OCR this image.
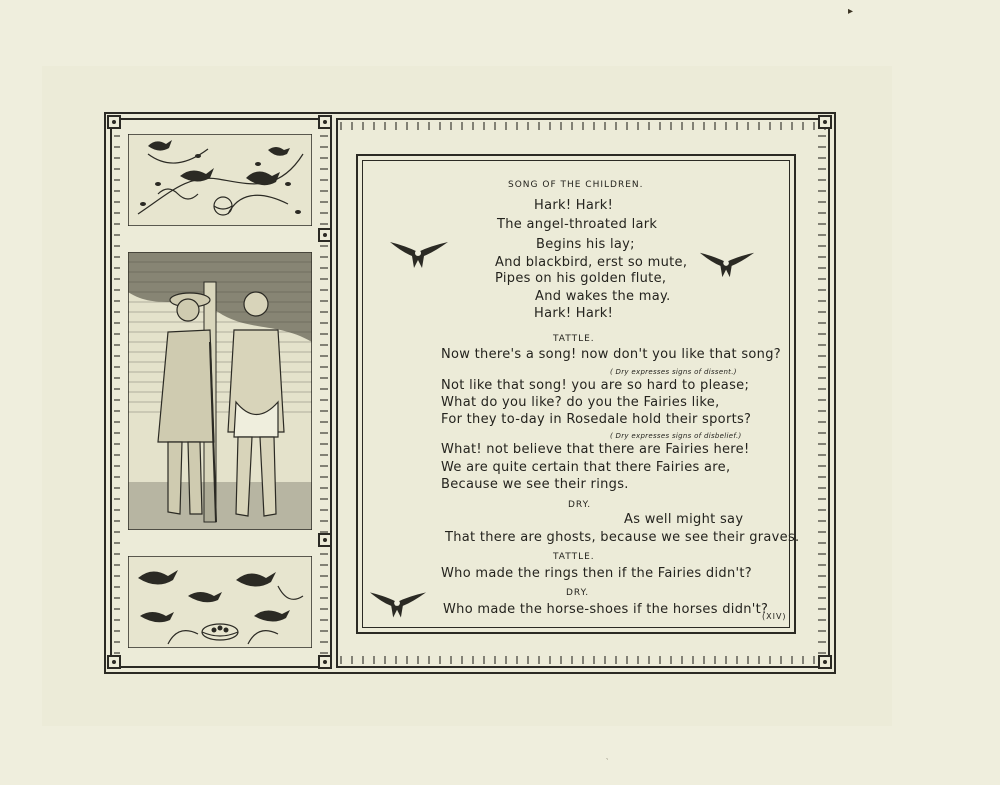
SONG OF THE CHILDREN.
Hark! Hark!
The angel-throated lark
Begins his lay;
And blackbird, erst so mute,
Pipes on his golden flute,
And wakes the may.
Hark! Hark!
TATTLE.
Now there's a song! now don't you like that song?
( Dry expresses signs of dissent.)
Not like that song! you are so hard to please;
What do you like? do you the Fairies like,
For they to-day in Rosedale hold their sports?
( Dry expresses signs of disbelief.)
What! not believe that there are Fairies here!
We are quite certain that there Fairies are,
Because we see their rings.
DRY.
As well might say
That there are ghosts, because we see their graves.
TATTLE.
Who made the rings then if the Fairies didn't?
DRY.
Who made the horse-shoes if the horses didn't?
(XIV)
▸
ˏ
